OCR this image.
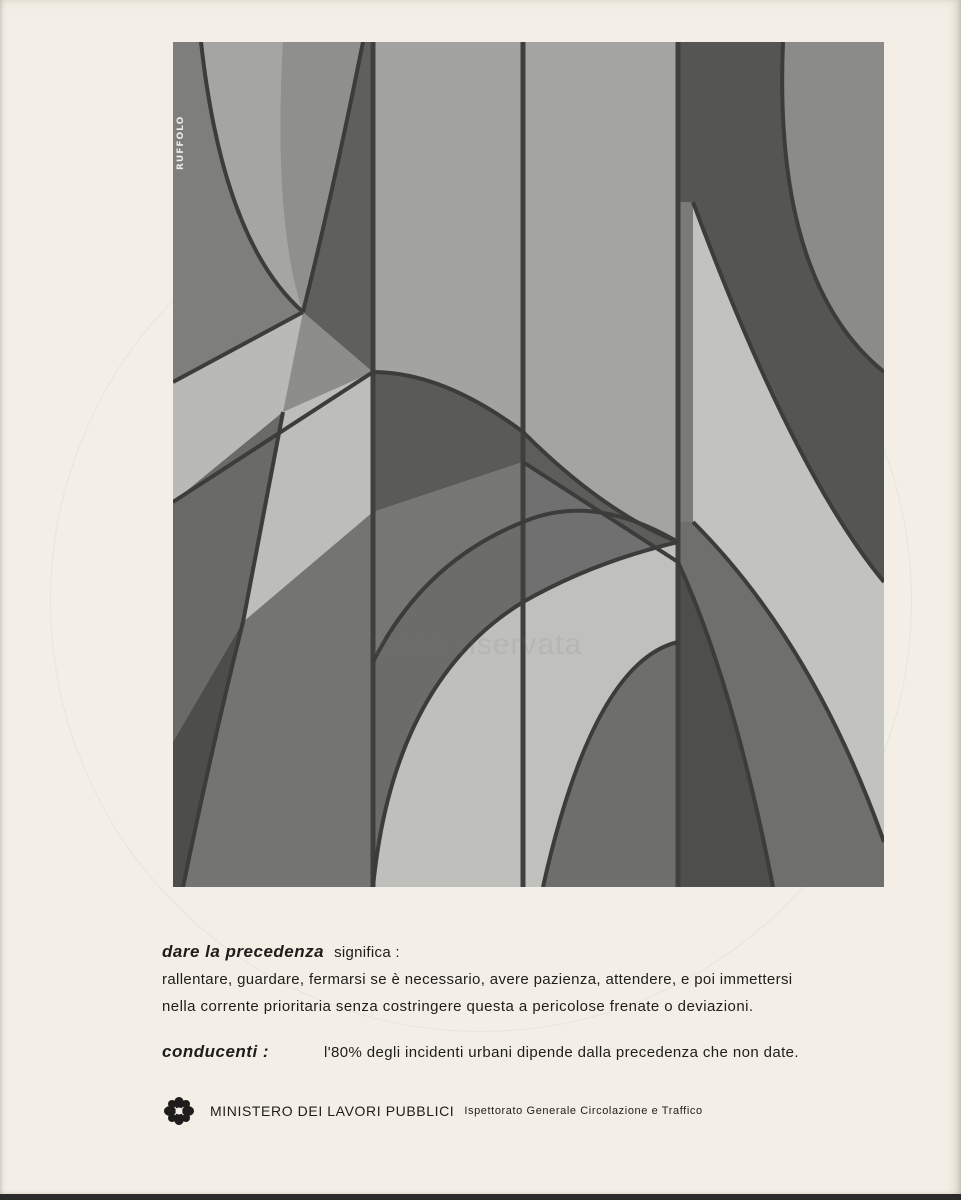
RUFFOLO
Riproduzione riservata
dare la precedenza significa :
rallentare, guardare, fermarsi se è necessario, avere pazienza, attendere, e poi immettersi
nella corrente prioritaria senza costringere questa a pericolose frenate o deviazioni.
conducenti :	l'80% degli incidenti urbani dipende dalla precedenza che non date.
MINISTERO DEI LAVORI PUBBLICI Ispettorato Generale Circolazione e Traffico
